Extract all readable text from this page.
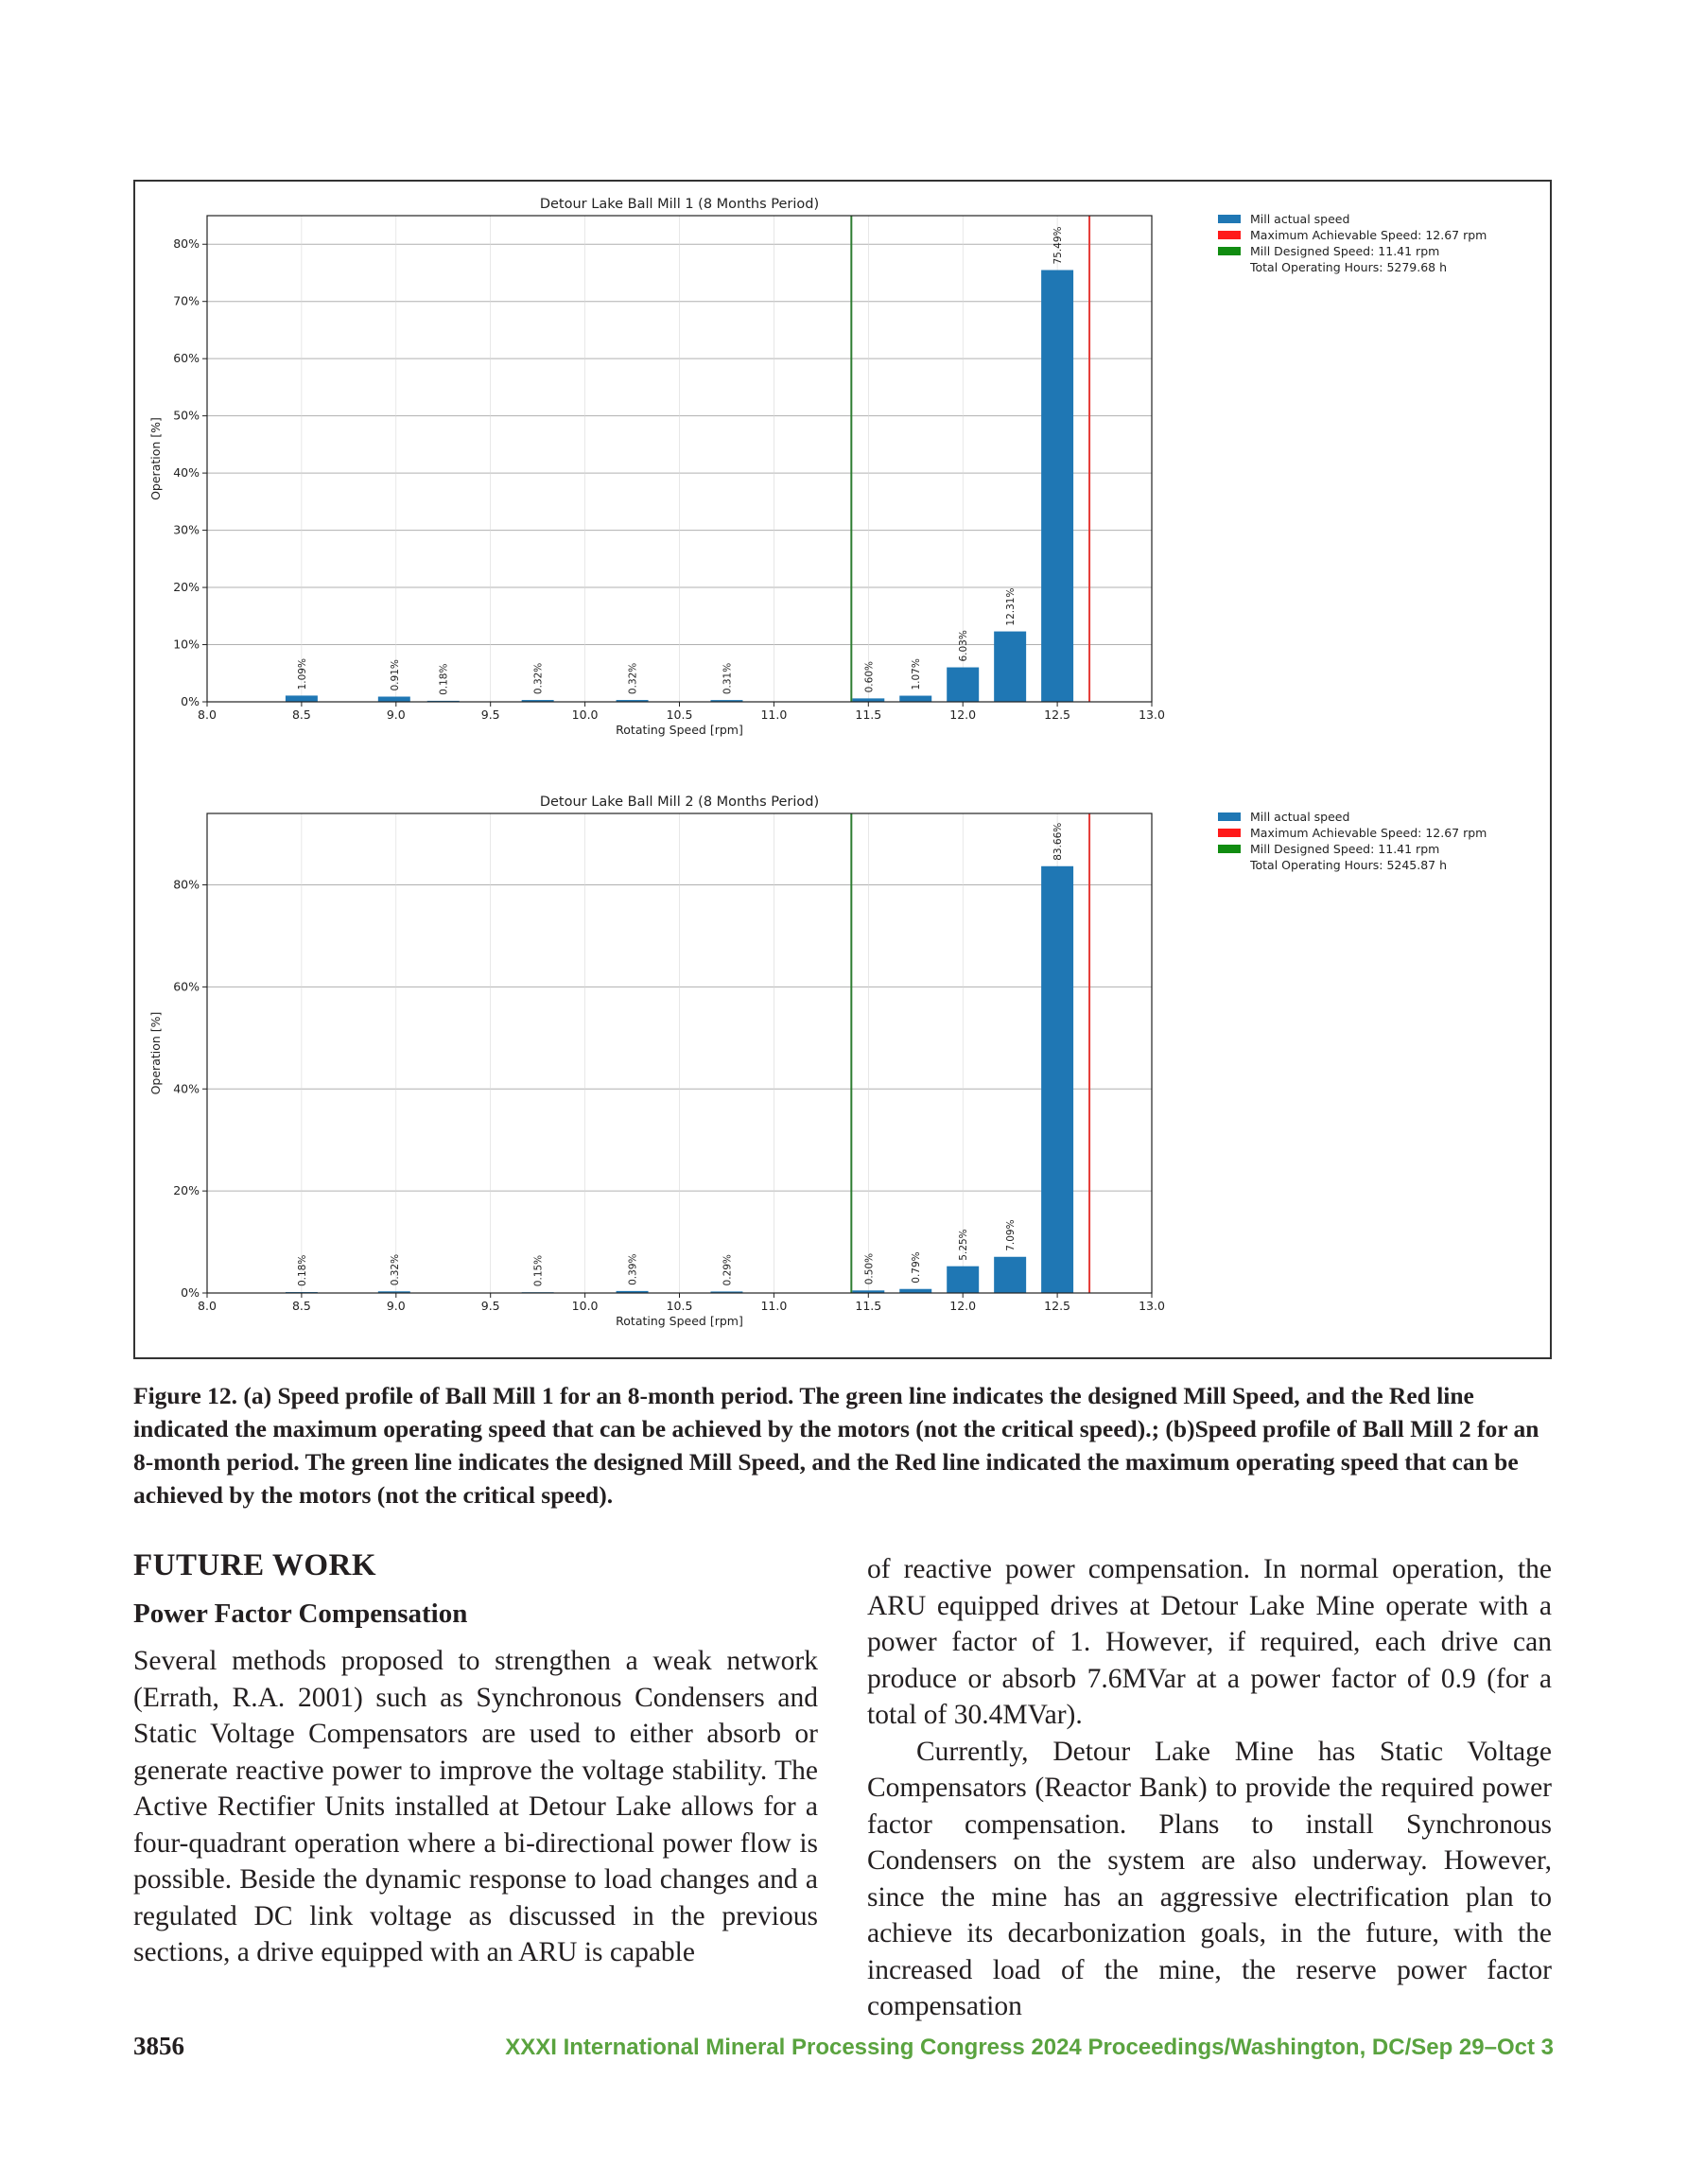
1.09%	0.91%	0.18%	0.32%	0.32%	0.31%	0.60%	1.07%
6.03%
12.31%
75.49%
8.0	8.5	9.0	9.5	10.0	10.5	11.0	11.5	12.0	12.5	13.0
0%
10%
20%
30%
40%
50%
60%
70%
80%
Detour Lake Ball Mill 1 (8 Months Period)
Rotating Speed [rpm]
Operation [%]
Mill actual speed
Maximum Achievable Speed: 12.67 rpm
Mill Designed Speed: 11.41 rpm
Total Operating Hours: 5279.68 h
0.18%	0.32%	0.15%	0.39%	0.29%	0.50%	0.79%
5.25%	7.09%
83.66%
8.0	8.5	9.0	9.5	10.0	10.5	11.0	11.5	12.0	12.5	13.0
0%
20%
40%
60%
80%
Detour Lake Ball Mill 2 (8 Months Period)
Rotating Speed [rpm]
Operation [%]
Mill actual speed
Maximum Achievable Speed: 12.67 rpm
Mill Designed Speed: 11.41 rpm
Total Operating Hours: 5245.87 h

Figure 12. (a) Speed profile of Ball Mill 1 for an 8-month period. The green line indicates the designed Mill Speed, and the Red line indicated the maximum operating speed that can be achieved by the motors (not the critical speed).; (b)Speed profile of Ball Mill 2 for an 8-month period. The green line indicates the designed Mill Speed, and the Red line indicated the maximum operating speed that can be achieved by the motors (not the critical speed).

FUTURE WORK
Power Factor Compensation

Several methods proposed to strengthen a weak network (Errath, R.A. 2001) such as Synchronous Condensers and Static Voltage Compensators are used to either absorb or generate reactive power to improve the voltage stability. The Active Rectifier Units installed at Detour Lake allows for a four-quadrant operation where a bi-directional power flow is possible. Beside the dynamic response to load changes and a regulated DC link voltage as discussed in the previous sections, a drive equipped with an ARU is capable

of reactive power compensation. In normal operation, the ARU equipped drives at Detour Lake Mine operate with a power factor of 1. However, if required, each drive can produce or absorb 7.6MVar at a power factor of 0.9 (for a total of 30.4MVar).

Currently, Detour Lake Mine has Static Voltage Compensators (Reactor Bank) to provide the required power factor compensation. Plans to install Synchronous Condensers on the system are also underway. However, since the mine has an aggressive electrification plan to achieve its decarbonization goals, in the future, with the increased load of the mine, the reserve power factor compensation

3856	XXXI International Mineral Processing Congress 2024 Proceedings/Washington, DC/Sep 29–Oct 3
